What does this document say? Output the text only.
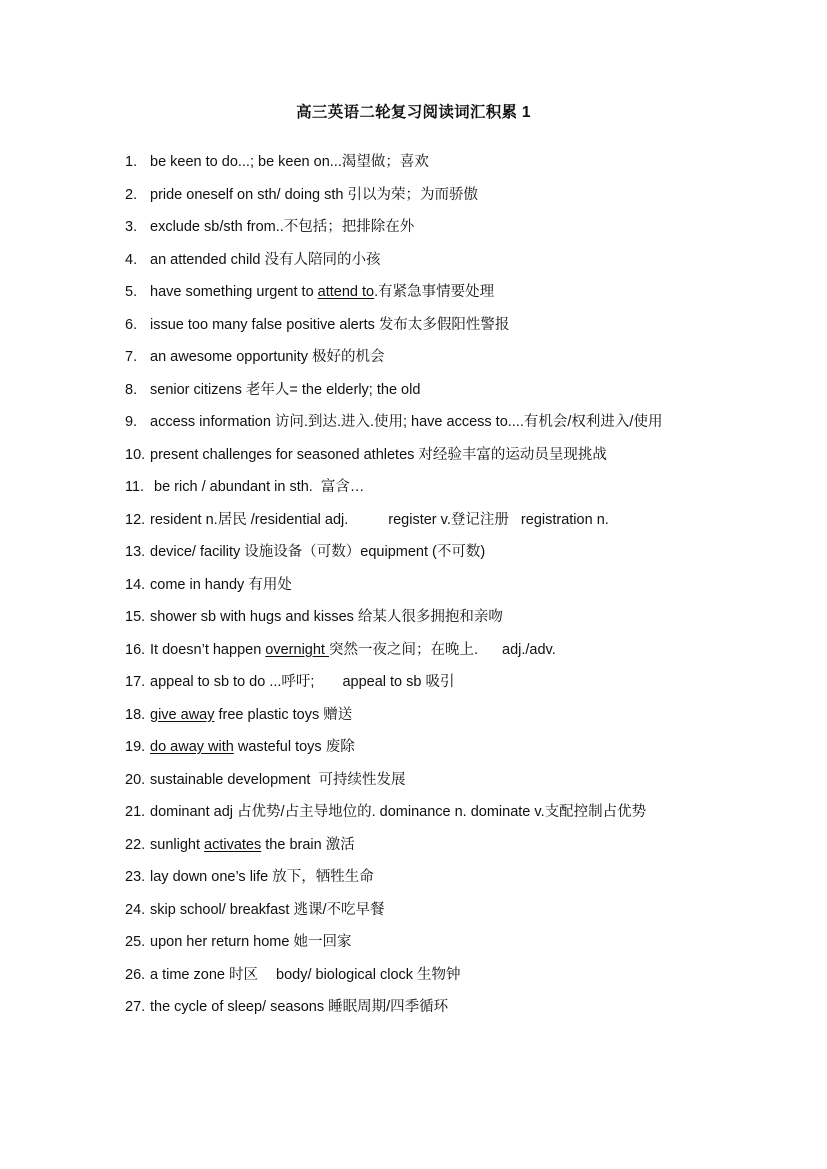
高三英语二轮复习阅读词汇积累 1
1. be keen to do...; be keen on...渴望做；喜欢
2. pride oneself on sth/ doing sth 引以为荣；为而骄傲
3. exclude sb/sth from..不包括；把排除在外
4. an attended child 没有人陪同的小孩
5. have something urgent to attend to.有紧急事情要处理
6. issue too many false positive alerts 发布太多假阳性警报
7. an awesome opportunity 极好的机会
8. senior citizens 老年人= the elderly; the old
9. access information 访问.到达.进入.使用; have access to....有机会/权利进入/使用
10. present challenges for seasoned athletes 对经验丰富的运动员呈现挑战
11. be rich / abundant in sth.  富含…
12. resident n.居民 /residential adj.	register v.登记注册   registration n.
13. device/ facility 设施设备（可数）equipment (不可数)
14. come in handy 有用处
15. shower sb with hugs and kisses 给某人很多拥抱和亲吻
16. It doesn’t happen overnight 突然一夜之间；在晚上. adj./adv.
17. appeal to sb to do ...呼吁; appeal to sb 吸引
18. give away free plastic toys 赠送
19. do away with wasteful toys 废除
20. sustainable development  可持续性发展
21. dominant adj 占优势/占主导地位的. dominance n. dominate v.支配控制占优势
22. sunlight activates the brain 激活
23. lay down one’s life 放下，牺牲生命
24. skip school/ breakfast 逃课/不吃早餐
25. upon her return home 她一回家
26. a time zone 时区 body/ biological clock 生物钟
27. the cycle of sleep/ seasons 睡眠周期/四季循环
